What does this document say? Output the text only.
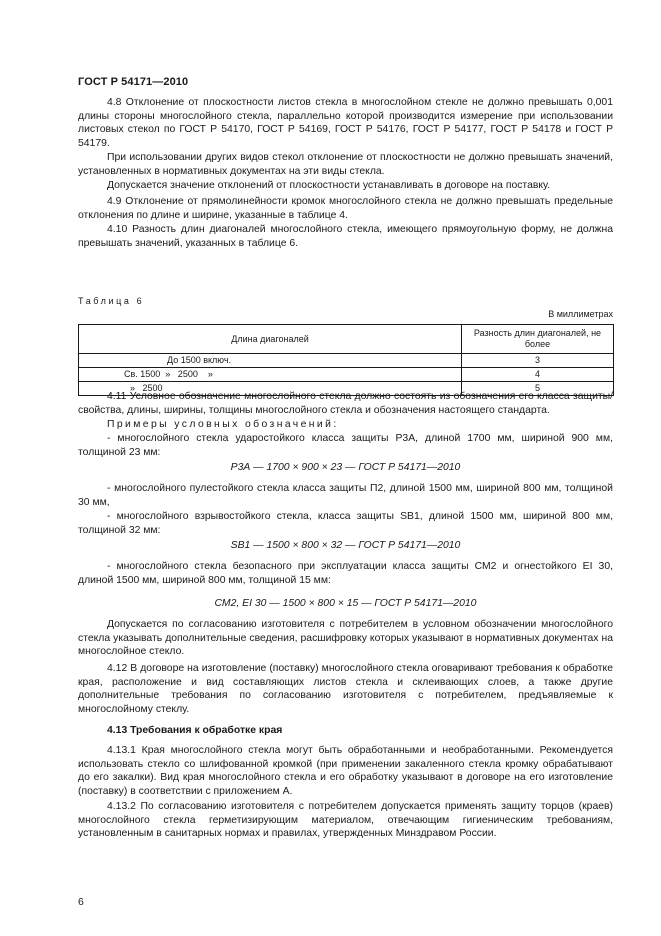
ГОСТ Р 54171—2010

4.8 Отклонение от плоскостности листов стекла в многослойном стекле не должно превышать 0,001 длины стороны многослойного стекла, параллельно которой производится измерение при использовании листовых стекол по ГОСТ Р 54170, ГОСТ Р 54169, ГОСТ Р 54176, ГОСТ Р 54177, ГОСТ Р 54178 и ГОСТ Р 54179.

При использовании других видов стекол отклонение от плоскостности не должно превышать значений, установленных в нормативных документах на эти виды стекла.

Допускается значение отклонений от плоскостности устанавливать в договоре на поставку.

4.9 Отклонение от прямолинейности кромок многослойного стекла не должно превышать предельные отклонения по длине и ширине, указанные в таблице 4.

4.10 Разность длин диагоналей многослойного стекла, имеющего прямоугольную форму, не должна превышать значений, указанных в таблице 6.

Таблица 6
В миллиметрах
Длина диагоналей	Разность длин диагоналей, не более
До 1500 включ.	3
Св. 1500  »   2500    »	4
»   2500	5

4.11 Условное обозначение многослойного стекла должно состоять из обозначения его класса защиты/свойства, длины, ширины, толщины многослойного стекла и обозначения настоящего стандарта.

Примеры условных обозначений:

- многослойного стекла ударостойкого класса защиты Р3А, длиной 1700 мм, шириной 900 мм, толщиной 23 мм:

Р3А — 1700 × 900 × 23 — ГОСТ Р 54171—2010

- многослойного пулестойкого стекла класса защиты П2, длиной 1500 мм, шириной 800 мм, толщиной 30 мм,

- многослойного взрывостойкого стекла, класса защиты SB1, длиной 1500 мм, шириной 800 мм, толщиной 32 мм:

SB1 — 1500 × 800 × 32 — ГОСТ Р 54171—2010

- многослойного стекла безопасного при эксплуатации класса защиты СМ2 и огнестойкого EI 30, длиной 1500 мм, шириной 800 мм, толщиной 15 мм:

СМ2, EI 30 — 1500 × 800 × 15 — ГОСТ Р 54171—2010

Допускается по согласованию изготовителя с потребителем в условном обозначении многослойного стекла указывать дополнительные сведения, расшифровку которых указывают в нормативных документах на многослойное стекло.

4.12 В договоре на изготовление (поставку) многослойного стекла оговаривают требования к обработке края, расположение и вид составляющих листов стекла и склеивающих слоев, а также другие дополнительные требования по согласованию изготовителя с потребителем, предъявляемые к многослойному стеклу.

4.13 Требования к обработке края

4.13.1 Края многослойного стекла могут быть обработанными и необработанными. Рекомендуется использовать стекло со шлифованной кромкой (при применении закаленного стекла кромку обрабатывают до его закалки). Вид края многослойного стекла и его обработку указывают в договоре на его изготовление (поставку) в соответствии с приложением А.

4.13.2 По согласованию изготовителя с потребителем допускается применять защиту торцов (краев) многослойного стекла герметизирующим материалом, отвечающим гигиеническим требованиям, установленным в санитарных нормах и правилах, утвержденных Минздравом России.

6
